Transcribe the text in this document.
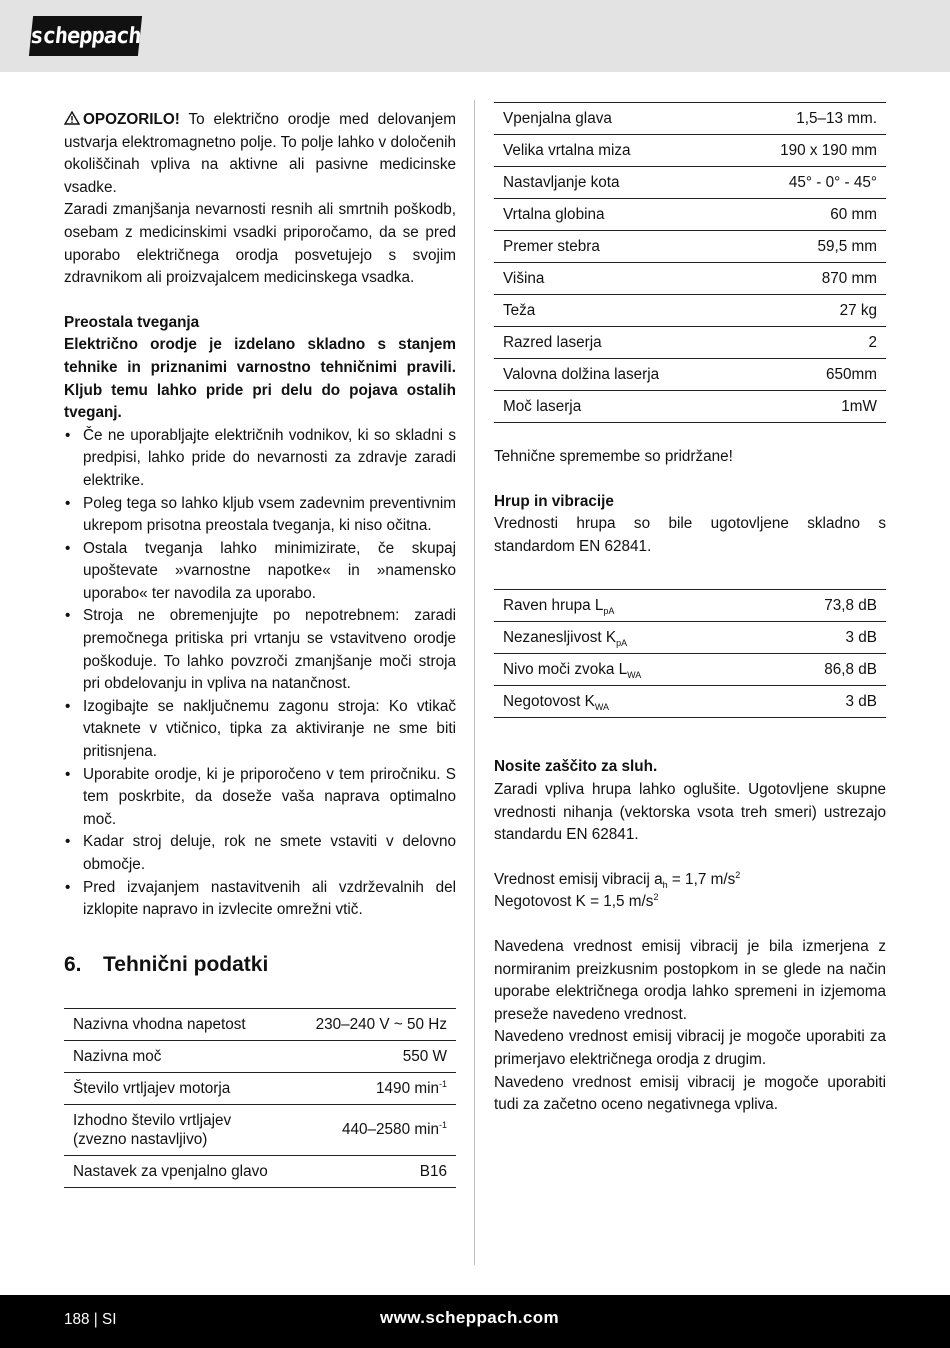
scheppach

OPOZORILO! To električno orodje med delovanjem ustvarja elektromagnetno polje. To polje lahko v določenih okoliščinah vpliva na aktivne ali pasivne medicinske vsadke.

Zaradi zmanjšanja nevarnosti resnih ali smrtnih poškodb, osebam z medicinskimi vsadki priporočamo, da se pred uporabo električnega orodja posvetujejo s svojim zdravnikom ali proizvajalcem medicinskega vsadka.

Preostala tveganja

Električno orodje je izdelano skladno s stanjem tehnike in priznanimi varnostno tehničnimi pravili. Kljub temu lahko pride pri delu do pojava ostalih tveganj.

• Če ne uporabljajte električnih vodnikov, ki so skladni s predpisi, lahko pride do nevarnosti za zdravje zaradi elektrike.
• Poleg tega so lahko kljub vsem zadevnim preventivnim ukrepom prisotna preostala tveganja, ki niso očitna.
• Ostala tveganja lahko minimizirate, če skupaj upoštevate »varnostne napotke« in »namensko uporabo« ter navodila za uporabo.
• Stroja ne obremenjujte po nepotrebnem: zaradi premočnega pritiska pri vrtanju se vstavitveno orodje poškoduje. To lahko povzroči zmanjšanje moči stroja pri obdelovanju in vpliva na natančnost.
• Izogibajte se naključnemu zagonu stroja: Ko vtikač vtaknete v vtičnico, tipka za aktiviranje ne sme biti pritisnjena.
• Uporabite orodje, ki je priporočeno v tem priročniku. S tem poskrbite, da doseže vaša naprava optimalno moč.
• Kadar stroj deluje, rok ne smete vstaviti v delovno območje.
• Pred izvajanjem nastavitvenih ali vzdrževalnih del izklopite napravo in izvlecite omrežni vtič.
6. Tehnični podatki
Nazivna vhodna napetost	230–240 V ~ 50 Hz
Nazivna moč	550 W
Število vrtljajev motorja	1490 $\min^{-1}$
Izhodno število vrtljajev (zvezno nastavljivo)	440–2580 $\min^{-1}$
Nastavek za vpenjalno glavo	B16
Vpenjalna glava	1,5–13 mm.
Velika vrtalna miza	190 x 190 mm
Nastavljanje kota	45° - 0° - 45°
Vrtalna globina	60 mm
Premer stebra	59,5 mm
Višina	870 mm
Teža	27 kg
Razred laserja	2
Valovna dolžina laserja	650mm
Moč laserja	1mW

Tehnične spremembe so pridržane!

Hrup in vibracije

Vrednosti hrupa so bile ugotovljene skladno s standardom EN 62841.

Raven hrupa $L_{pA}$	73,8 dB
Nezanesljivost $K_{pA}$	3 dB
Nivo moči zvoka $L_{WA}$	86,8 dB
Negotovost $K_{WA}$	3 dB

Nosite zaščito za sluh.

Zaradi vpliva hrupa lahko oglušite. Ugotovljene skupne vrednosti nihanja (vektorska vsota treh smeri) ustrezajo standardu EN 62841.

Vrednost emisij vibracij $a_h = 1,7$ $m/s^2$

Negotovost K = 1,5 $m/s^2$

Navedena vrednost emisij vibracij je bila izmerjena z normiranim preizkusnim postopkom in se glede na način uporabe električnega orodja lahko spremeni in izjemoma preseže navedeno vrednost.

Navedeno vrednost emisij vibracij je mogoče uporabiti za primerjavo električnega orodja z drugim.

Navedeno vrednost emisij vibracij je mogoče uporabiti tudi za začetno oceno negativnega vpliva.

188 | SI	www.scheppach.com
